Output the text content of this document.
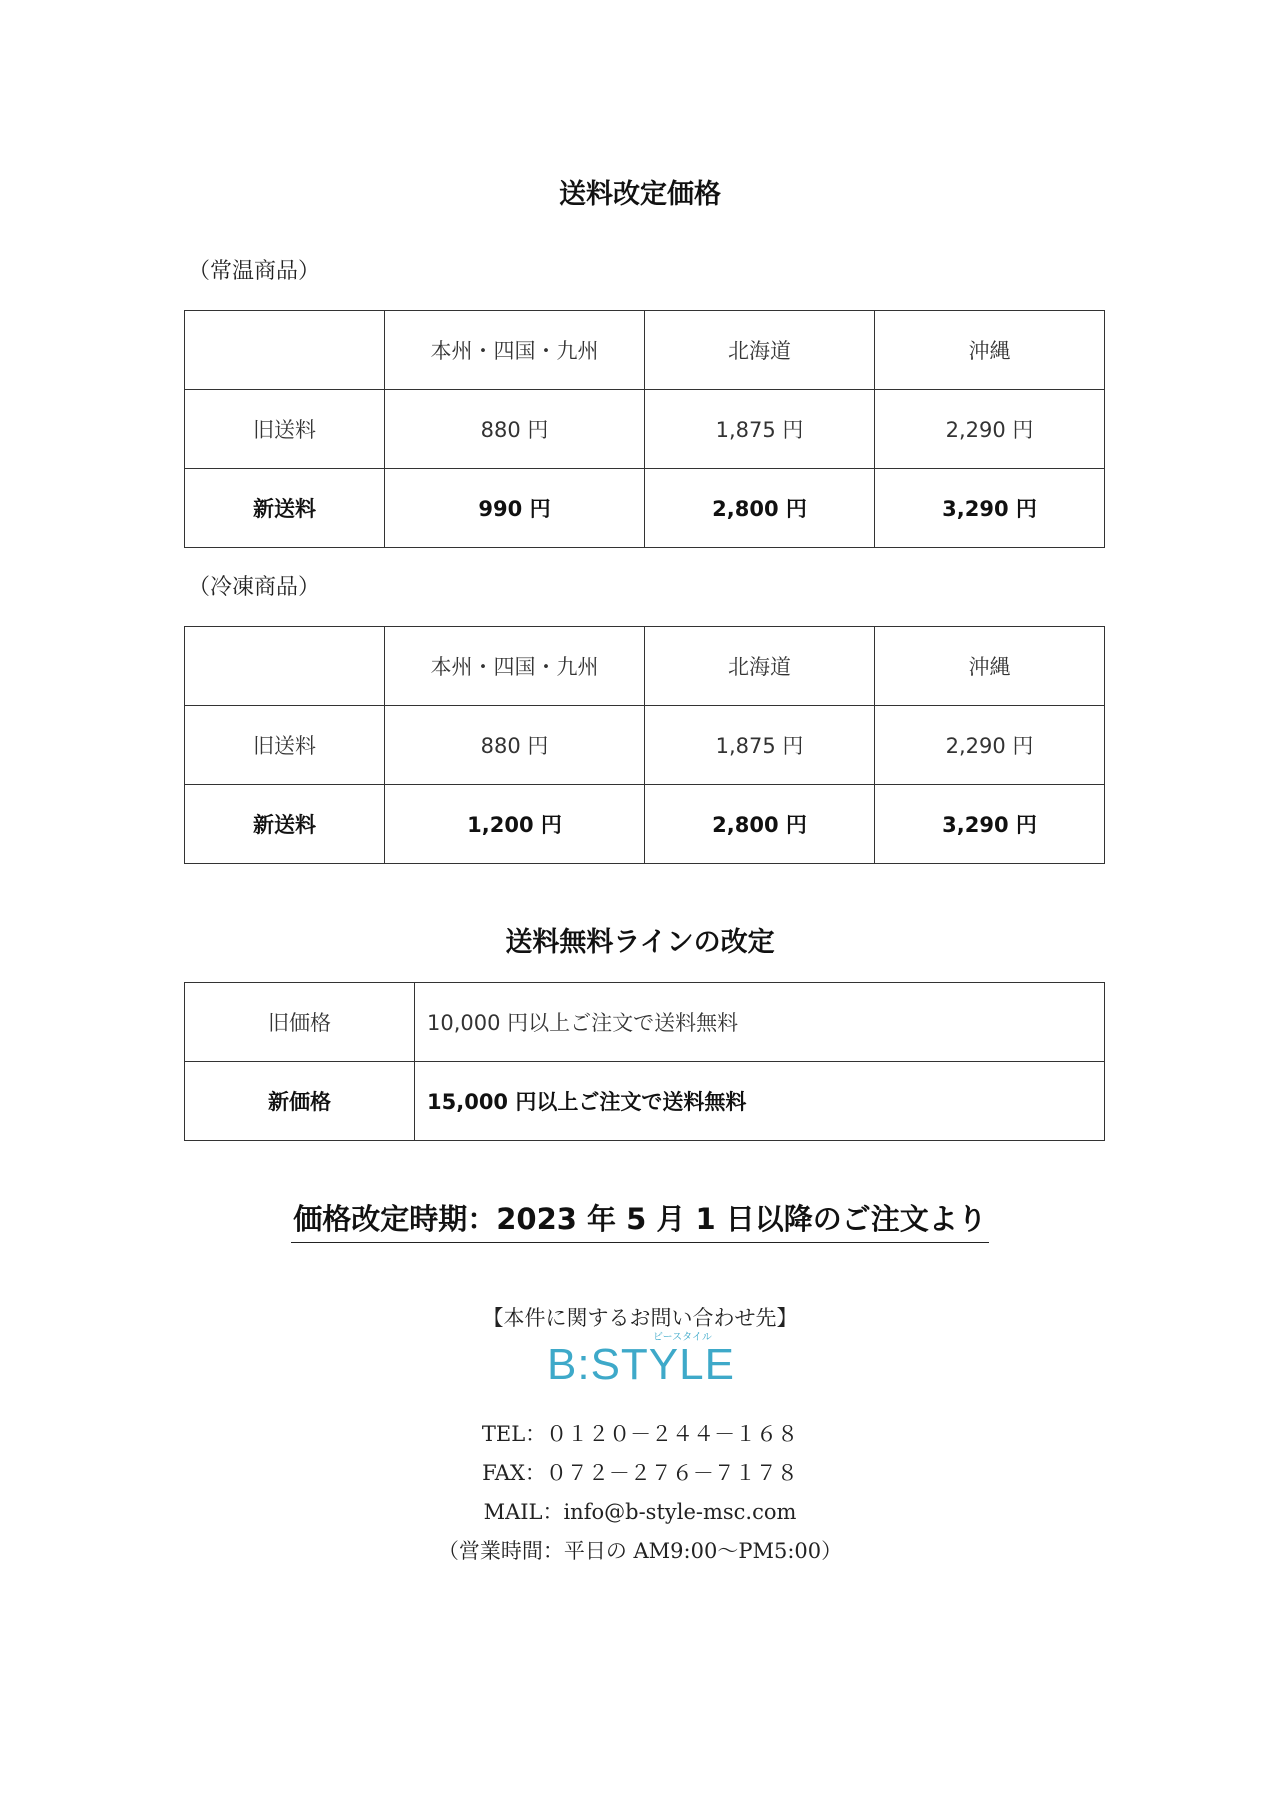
送料改定価格
（常温商品）
	本州・四国・九州	北海道	沖縄
旧送料	880 円	1,875 円	2,290 円
新送料	990 円	2,800 円	3,290 円
（冷凍商品）
	本州・四国・九州	北海道	沖縄
旧送料	880 円	1,875 円	2,290 円
新送料	1,200 円	2,800 円	3,290 円
送料無料ラインの改定
旧価格	10,000 円以上ご注文で送料無料
新価格	15,000 円以上ご注文で送料無料
価格改定時期：2023 年 5 月 1 日以降のご注文より
【本件に関するお問い合わせ先】
ビースタイル
B:STYLE
TEL：０１２０－２４４－１６８
FAX：０７２－２７６－７１７８
MAIL：info@b-style-msc.com
（営業時間：平日の AM9:00～PM5:00）
